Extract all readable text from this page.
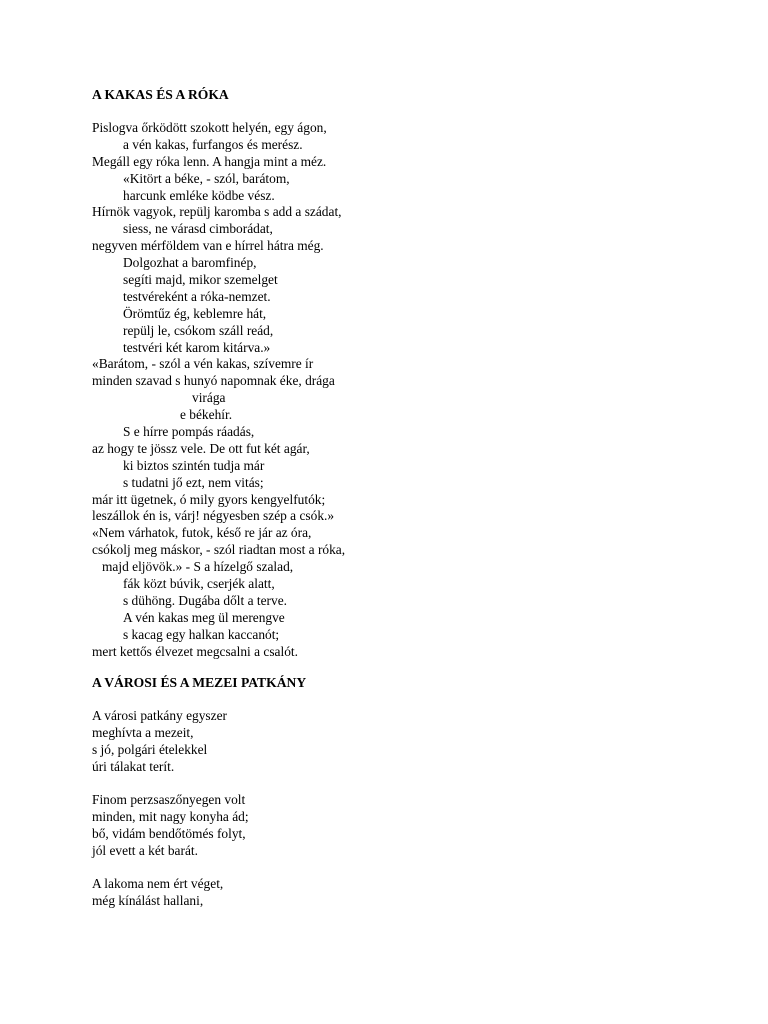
A KAKAS ÉS A RÓKA
Pislogva őrködött szokott helyén, egy ágon,
a vén kakas, furfangos és merész.
Megáll egy róka lenn. A hangja mint a méz.
«Kitört a béke, - szól, barátom,
harcunk emléke ködbe vész.
Hírnök vagyok, repülj karomba s add a szádat,
siess, ne várasd cimborádat,
negyven mérföldem van e hírrel hátra még.
Dolgozhat a baromfinép,
segíti majd, mikor szemelget
testvéreként a róka-nemzet.
Örömtűz ég, keblemre hát,
repülj le, csókom száll reád,
testvéri két karom kitárva.»
«Barátom, - szól a vén kakas, szívemre ír
minden szavad s hunyó napomnak éke, drága
virága
e békehír.
S e hírre pompás ráadás,
az hogy te jössz vele. De ott fut két agár,
ki biztos szintén tudja már
s tudatni jő ezt, nem vitás;
már itt ügetnek, ó mily gyors kengyelfutók;
leszállok én is, várj! négyesben szép a csók.»
«Nem várhatok, futok, késő re jár az óra,
csókolj meg máskor, - szól riadtan most a róka,
majd eljövök.» - S a hízelgő szalad,
fák közt búvik, cserjék alatt,
s dühöng. Dugába dőlt a terve.
A vén kakas meg ül merengve
s kacag egy halkan kaccanót;
mert kettős élvezet megcsalni a csalót.
A VÁROSI ÉS A MEZEI PATKÁNY
A városi patkány egyszer
meghívta a mezeit,
s jó, polgári ételekkel
úri tálakat terít.
Finom perzsaszőnyegen volt
minden, mit nagy konyha ád;
bő, vidám bendőtömés folyt,
jól evett a két barát.
A lakoma nem ért véget,
még kínálást hallani,
